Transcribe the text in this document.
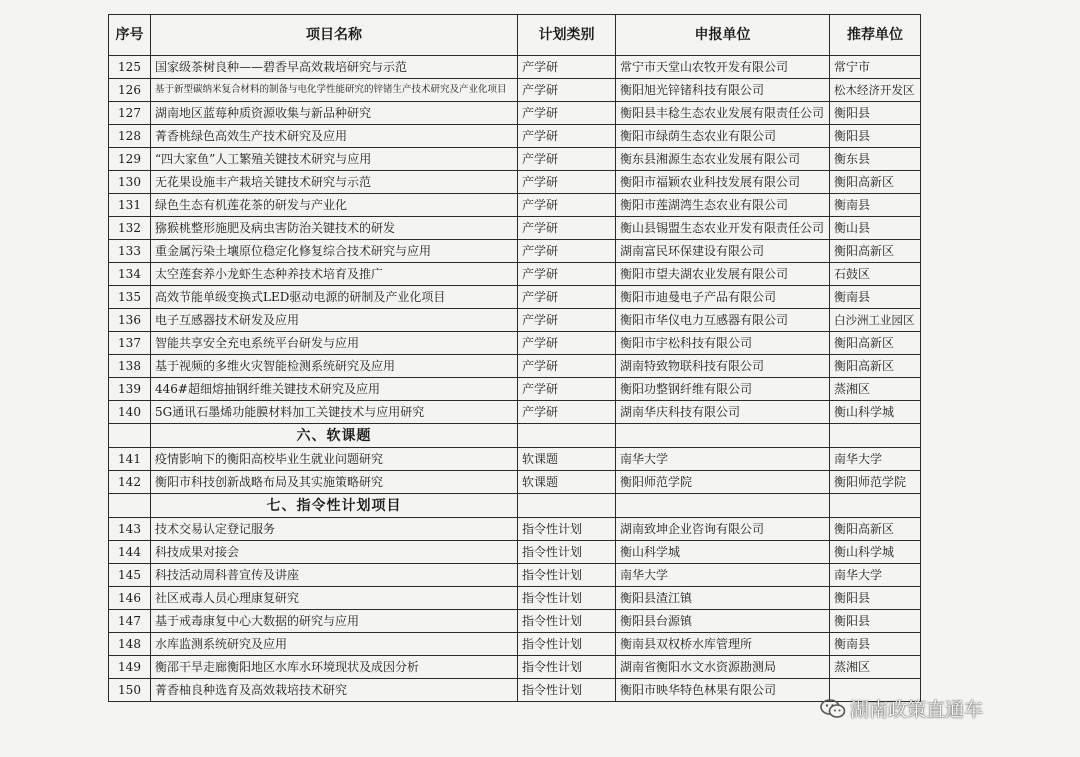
序号	项目名称	计划类别	申报单位	推荐单位
125	国家级茶树良种——碧香早高效栽培研究与示范	产学研	常宁市天堂山农牧开发有限公司	常宁市
126	基于新型碳纳米复合材料的制备与电化学性能研究的锌锗生产技术研究及产业化项目	产学研	衡阳旭光锌锗科技有限公司	松木经济开发区
127	湖南地区蓝莓种质资源收集与新品种研究	产学研	衡阳县丰稔生态农业发展有限责任公司	衡阳县
128	菁香桃绿色高效生产技术研究及应用	产学研	衡阳市绿荫生态农业有限公司	衡阳县
129	“四大家鱼”人工繁殖关键技术研究与应用	产学研	衡东县湘源生态农业发展有限公司	衡东县
130	无花果设施丰产栽培关键技术研究与示范	产学研	衡阳市福颖农业科技发展有限公司	衡阳高新区
131	绿色生态有机莲花茶的研发与产业化	产学研	衡阳市莲湖湾生态农业有限公司	衡南县
132	猕猴桃整形施肥及病虫害防治关键技术的研发	产学研	衡山县锡盟生态农业开发有限责任公司	衡山县
133	重金属污染土壤原位稳定化修复综合技术研究与应用	产学研	湖南富民环保建设有限公司	衡阳高新区
134	太空莲套养小龙虾生态种养技术培育及推广	产学研	衡阳市望夫湖农业发展有限公司	石鼓区
135	高效节能单级变换式LED驱动电源的研制及产业化项目	产学研	衡阳市迪曼电子产品有限公司	衡南县
136	电子互感器技术研发及应用	产学研	衡阳市华仪电力互感器有限公司	白沙洲工业园区
137	智能共享安全充电系统平台研发与应用	产学研	衡阳市宇松科技有限公司	衡阳高新区
138	基于视频的多维火灾智能检测系统研究及应用	产学研	湖南特致物联科技有限公司	衡阳高新区
139	446#超细熔抽钢纤维关键技术研究及应用	产学研	衡阳功整钢纤维有限公司	蒸湘区
140	5G通讯石墨烯功能膜材料加工关键技术与应用研究	产学研	湖南华庆科技有限公司	衡山科学城
	六、软课题			
141	疫情影响下的衡阳高校毕业生就业问题研究	软课题	南华大学	南华大学
142	衡阳市科技创新战略布局及其实施策略研究	软课题	衡阳师范学院	衡阳师范学院
	七、指令性计划项目			
143	技术交易认定登记服务	指令性计划	湖南致坤企业咨询有限公司	衡阳高新区
144	科技成果对接会	指令性计划	衡山科学城	衡山科学城
145	科技活动周科普宣传及讲座	指令性计划	南华大学	南华大学
146	社区戒毒人员心理康复研究	指令性计划	衡阳县渣江镇	衡阳县
147	基于戒毒康复中心大数据的研究与应用	指令性计划	衡阳县台源镇	衡阳县
148	水库监测系统研究及应用	指令性计划	衡南县双权桥水库管理所	衡南县
149	衡邵干旱走廊衡阳地区水库水环境现状及成因分析	指令性计划	湖南省衡阳水文水资源勘测局	蒸湘区
150	菁香柚良种选育及高效栽培技术研究	指令性计划	衡阳市映华特色林果有限公司	
湖南政策直通车
